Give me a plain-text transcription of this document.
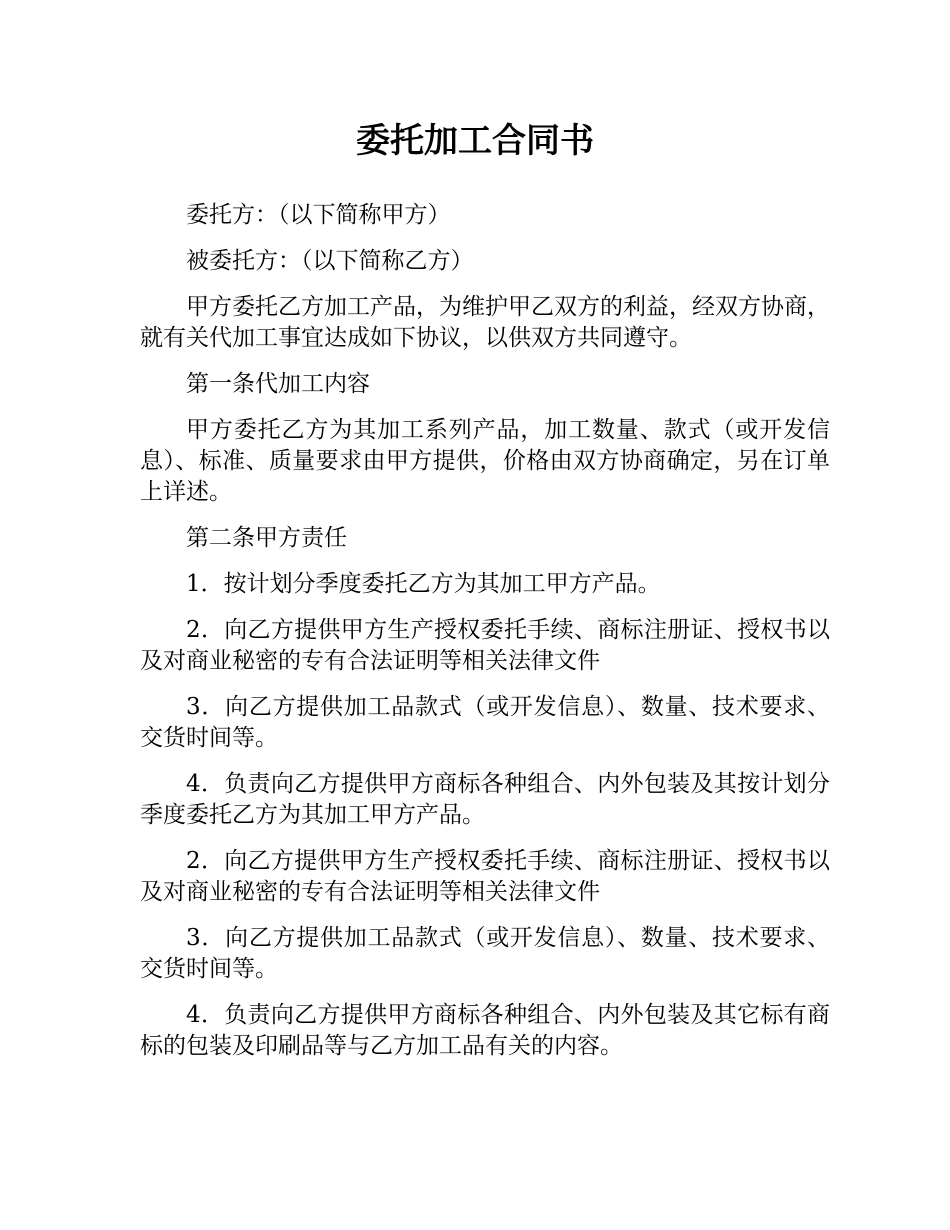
委托加工合同书

委托方：（以下简称甲方）

被委托方：（以下简称乙方）

甲方委托乙方加工产品，为维护甲乙双方的利益，经双方协商，就有关代加工事宜达成如下协议，以供双方共同遵守。

第一条代加工内容

甲方委托乙方为其加工系列产品，加工数量、款式（或开发信息）、标准、质量要求由甲方提供，价格由双方协商确定，另在订单上详述。

第二条甲方责任

1．按计划分季度委托乙方为其加工甲方产品。

2．向乙方提供甲方生产授权委托手续、商标注册证、授权书以及对商业秘密的专有合法证明等相关法律文件

3．向乙方提供加工品款式（或开发信息）、数量、技术要求、交货时间等。

4．负责向乙方提供甲方商标各种组合、内外包装及其按计划分季度委托乙方为其加工甲方产品。

2．向乙方提供甲方生产授权委托手续、商标注册证、授权书以及对商业秘密的专有合法证明等相关法律文件

3．向乙方提供加工品款式（或开发信息）、数量、技术要求、交货时间等。

4．负责向乙方提供甲方商标各种组合、内外包装及其它标有商标的包装及印刷品等与乙方加工品有关的内容。
